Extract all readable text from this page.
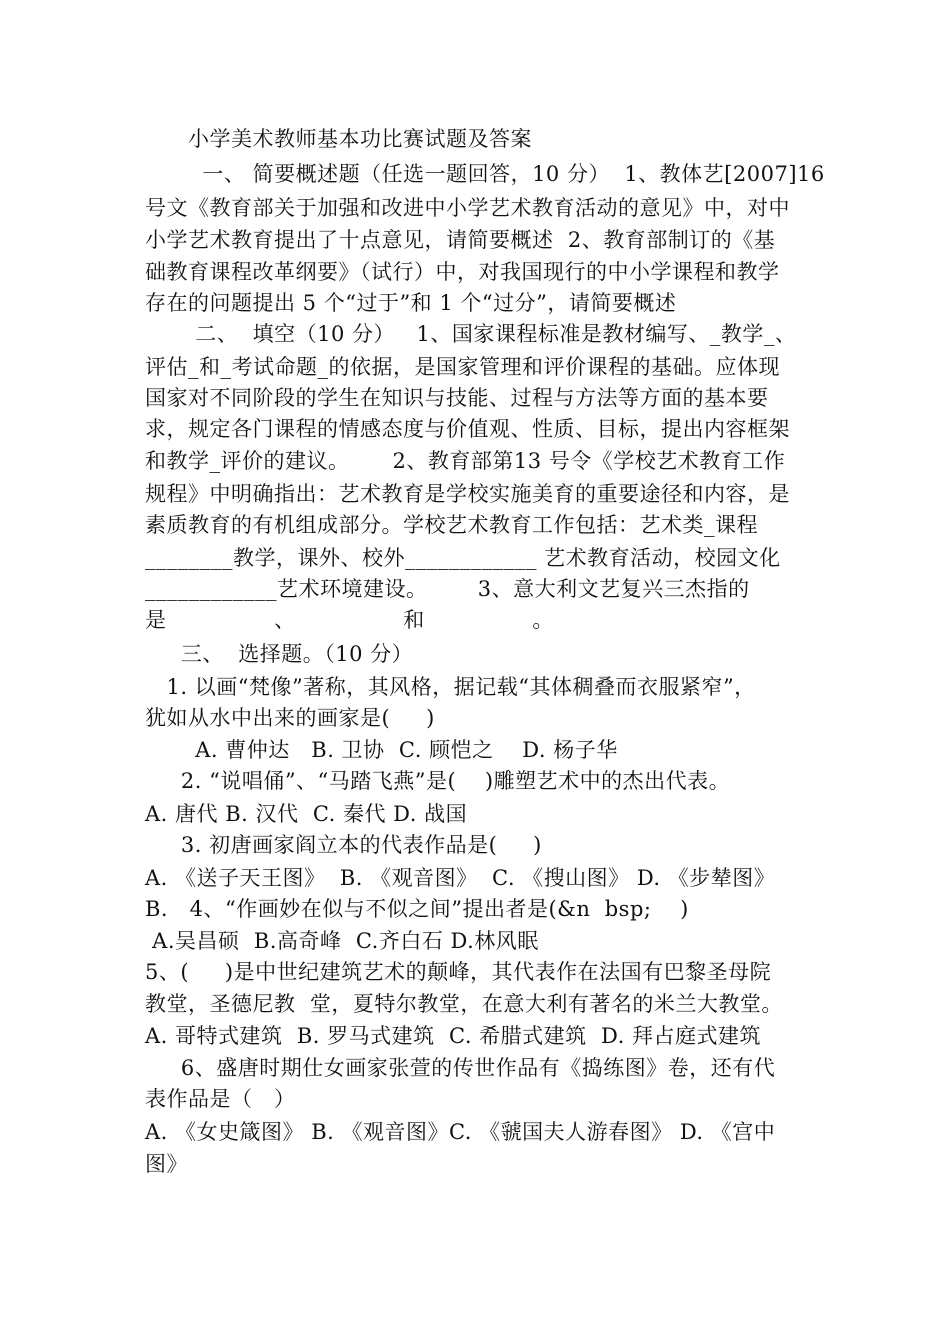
小学美术教师基本功比赛试题及答案
一、 简要概述题（任选一题回答，10 分）  1、教体艺[2007]16
号文《教育部关于加强和改进中小学艺术教育活动的意见》中，对中
小学艺术教育提出了十点意见，请简要概述  2、教育部制订的《基
础教育课程改革纲要》（试行）中，对我国现行的中小学课程和教学
存在的问题提出 5 个“过于”和 1 个“过分”，请简要概述
二、  填空（10 分）   1、国家课程标准是教材编写、_教学_、
评估_和_考试命题_的依据，是国家管理和评价课程的基础。应体现
国家对不同阶段的学生在知识与技能、过程与方法等方面的基本要
求，规定各门课程的情感态度与价值观、性质、目标，提出内容框架
和教学_评价的建议。      2、教育部第13 号令《学校艺术教育工作
规程》中明确指出：艺术教育是学校实施美育的重要途径和内容，是
素质教育的有机组成部分。学校艺术教育工作包括：艺术类_课程
________教学，课外、校外____________ 艺术教育活动，校园文化
____________艺术环境建设。       3、意大利文艺复兴三杰指的
是               、               和               。
三、  选择题。（10 分）
1. 以画“梵像”著称，其风格，据记载“其体稠叠而衣服紧窄”，
犹如从水中出来的画家是(     )
A. 曹仲达   B. 卫协  C. 顾恺之    D. 杨子华
2. “说唱俑”、“马踏飞燕”是(    )雕塑艺术中的杰出代表。
A. 唐代 B. 汉代  C. 秦代 D. 战国
3. 初唐画家阎立本的代表作品是(     )
A. 《送子天王图》  B. 《观音图》  C. 《搜山图》 D. 《步辇图》
B.   4、“作画妙在似与不似之间”提出者是(&n  bsp;    )
A.吴昌硕  B.高奇峰  C.齐白石 D.林风眠
5、(     )是中世纪建筑艺术的颠峰，其代表作在法国有巴黎圣母院
教堂，圣德尼教  堂，夏特尔教堂，在意大利有著名的米兰大教堂。
A. 哥特式建筑  B. 罗马式建筑  C. 希腊式建筑  D. 拜占庭式建筑
6、盛唐时期仕女画家张萱的传世作品有《捣练图》卷，还有代
表作品是（   ）
A. 《女史箴图》 B. 《观音图》C. 《虢国夫人游春图》 D. 《宫中
图》
